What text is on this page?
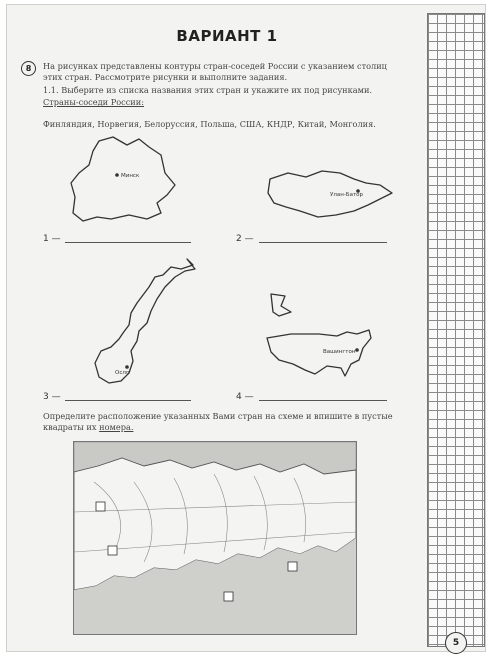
ВАРИАНТ 1
8	На рисунках представлены контуры стран-соседей России с указанием столиц
этих стран. Рассмотрите рисунки и выполните задания.
1.1. Выберите из списка названия этих стран и укажите их под рисунками.
Страны-соседи России:
Финляндия, Норвегия, Белоруссия, Польша, США, КНДР, Китай, Монголия.
Минск
1 —
Улан-Батор
2 —
Осло
3 —
Вашингтон
4 —
Определите расположение указанных Вами стран на схеме и впишите в пустые
квадраты их номера.
5
